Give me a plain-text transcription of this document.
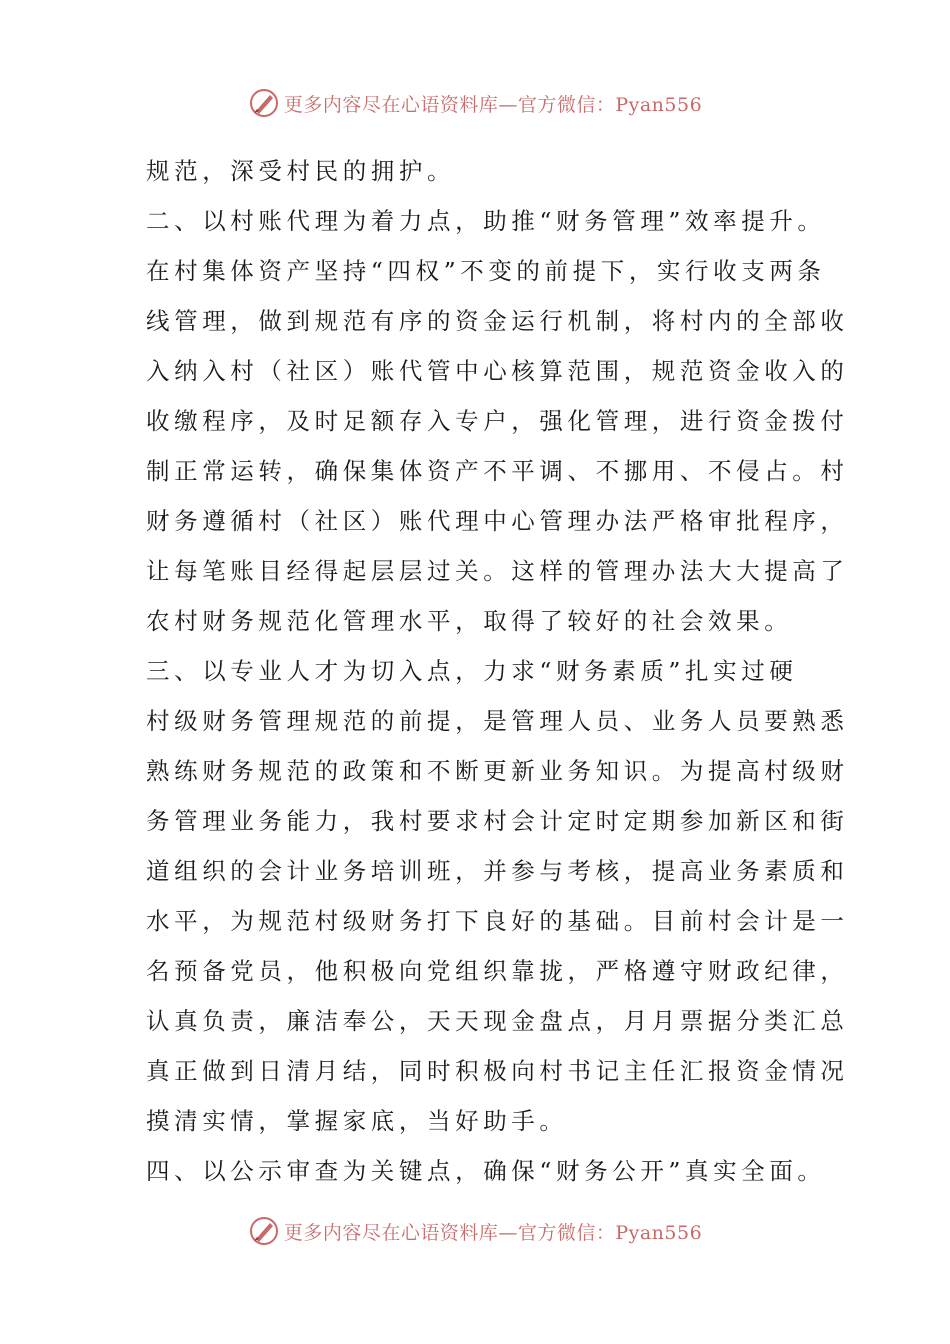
更多内容尽在心语资料库—官方微信：Pyan556
规范，深受村民的拥护。
二、以村账代理为着力点，助推“财务管理”效率提升。
在村集体资产坚持“四权”不变的前提下，实行收支两条
线管理，做到规范有序的资金运行机制，将村内的全部收
入纳入村（社区）账代管中心核算范围，规范资金收入的
收缴程序，及时足额存入专户，强化管理，进行资金拨付
制正常运转，确保集体资产不平调、不挪用、不侵占。村
财务遵循村（社区）账代理中心管理办法严格审批程序，
让每笔账目经得起层层过关。这样的管理办法大大提高了
农村财务规范化管理水平，取得了较好的社会效果。
三、以专业人才为切入点，力求“财务素质”扎实过硬
村级财务管理规范的前提，是管理人员、业务人员要熟悉
熟练财务规范的政策和不断更新业务知识。为提高村级财
务管理业务能力，我村要求村会计定时定期参加新区和街
道组织的会计业务培训班，并参与考核，提高业务素质和
水平，为规范村级财务打下良好的基础。目前村会计是一
名预备党员，他积极向党组织靠拢，严格遵守财政纪律，
认真负责，廉洁奉公，天天现金盘点，月月票据分类汇总
真正做到日清月结，同时积极向村书记主任汇报资金情况
摸清实情，掌握家底，当好助手。
四、以公示审查为关键点，确保“财务公开”真实全面。
更多内容尽在心语资料库—官方微信：Pyan556
